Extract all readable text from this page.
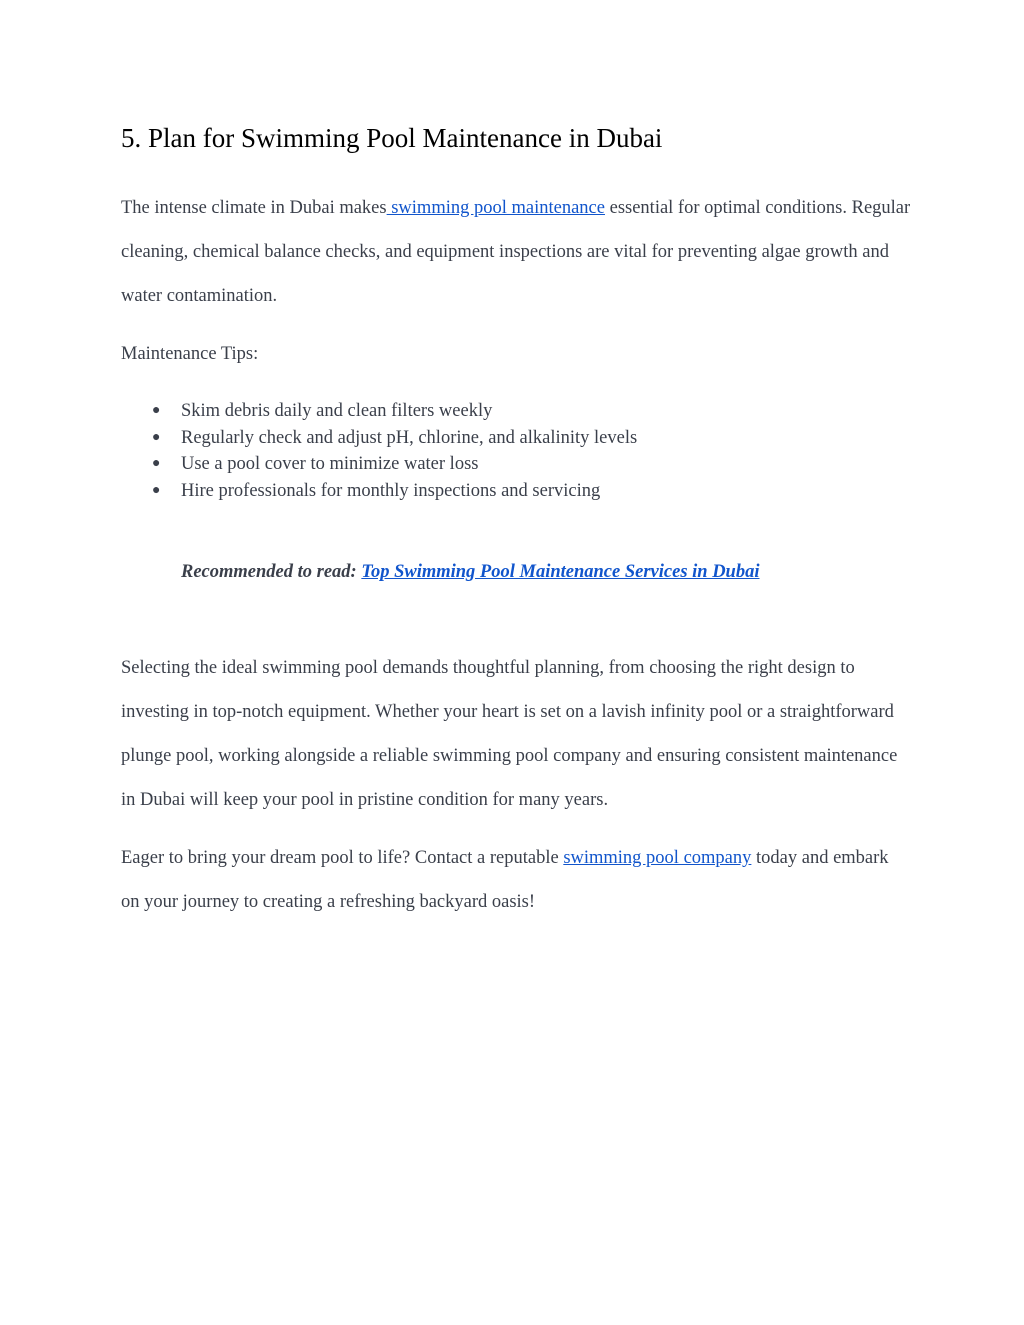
5. Plan for Swimming Pool Maintenance in Dubai

The intense climate in Dubai makes swimming pool maintenance essential for optimal conditions. Regular cleaning, chemical balance checks, and equipment inspections are vital for preventing algae growth and water contamination.

Maintenance Tips:

● Skim debris daily and clean filters weekly
● Regularly check and adjust pH, chlorine, and alkalinity levels
● Use a pool cover to minimize water loss
● Hire professionals for monthly inspections and servicing

Recommended to read: Top Swimming Pool Maintenance Services in Dubai

Selecting the ideal swimming pool demands thoughtful planning, from choosing the right design to investing in top-notch equipment. Whether your heart is set on a lavish infinity pool or a straightforward plunge pool, working alongside a reliable swimming pool company and ensuring consistent maintenance in Dubai will keep your pool in pristine condition for many years.

Eager to bring your dream pool to life? Contact a reputable swimming pool company today and embark on your journey to creating a refreshing backyard oasis!
